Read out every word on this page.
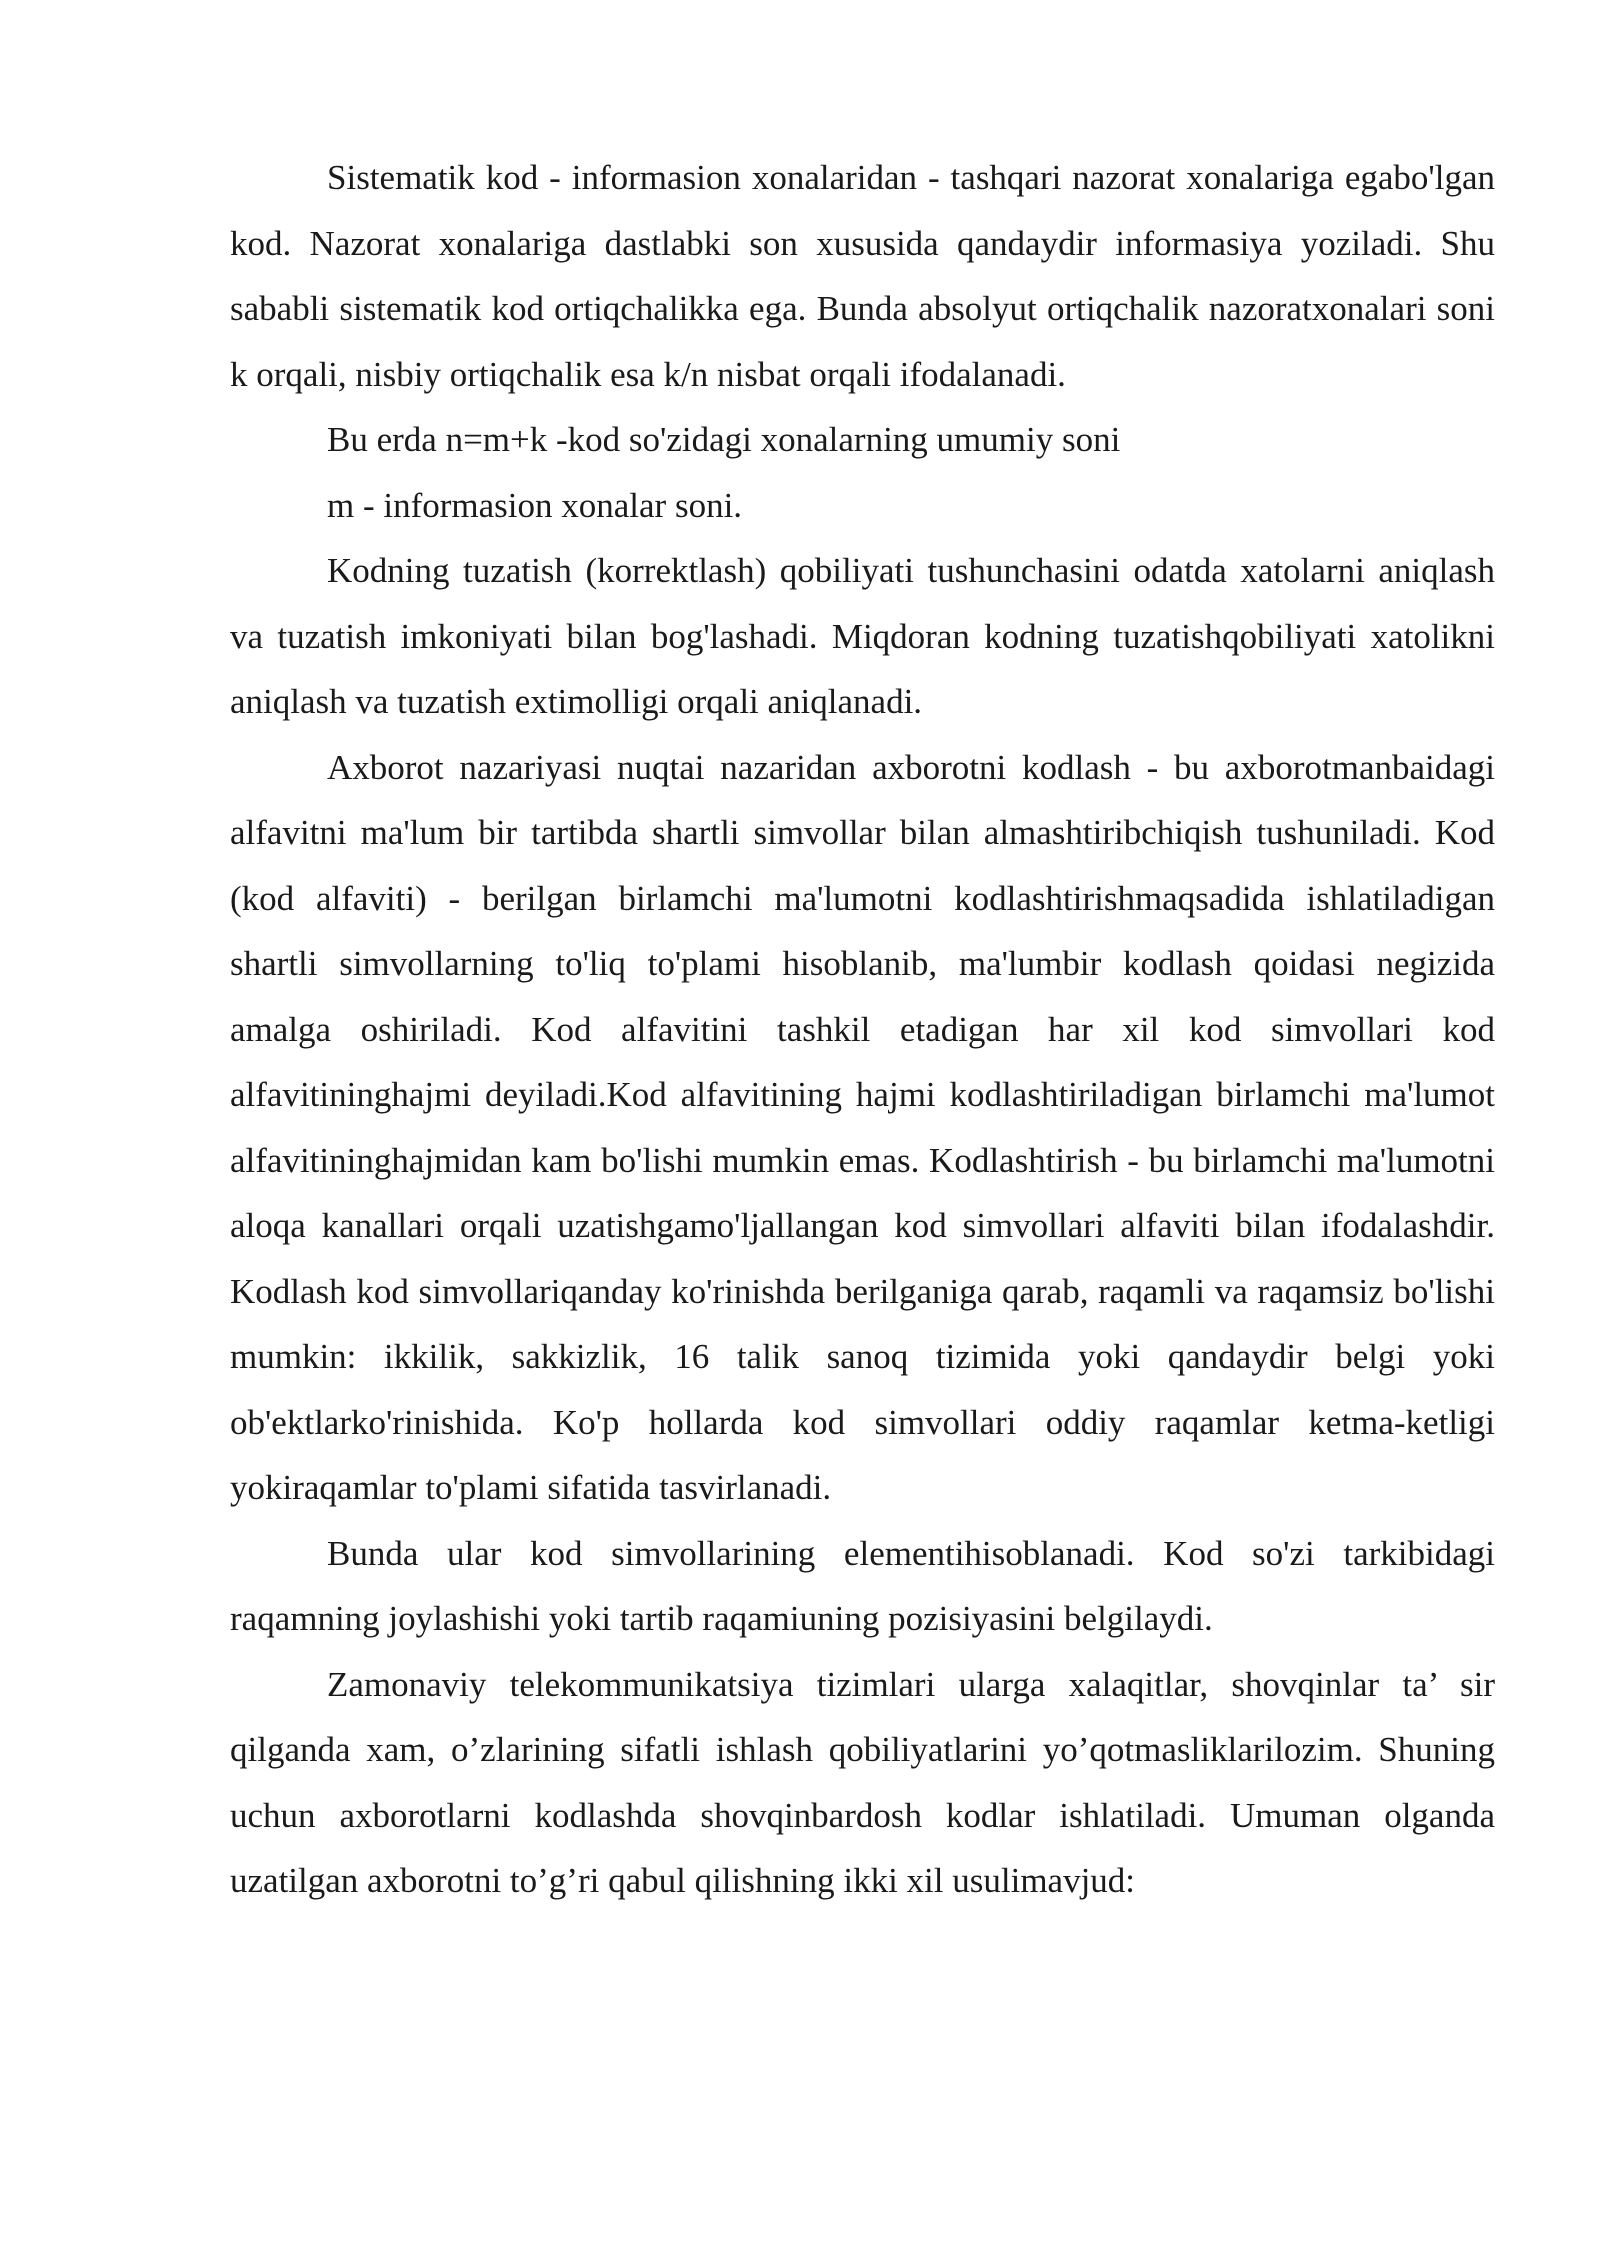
Sistematik kod - informasion xonalaridan - tashqari nazorat xonalariga egabo'lgan kod. Nazorat xonalariga dastlabki son xususida qandaydir informasiya yoziladi. Shu sababli sistematik kod ortiqchalikka ega. Bunda absolyut ortiqchalik nazoratxonalari soni k orqali, nisbiy ortiqchalik esa k/n nisbat orqali ifodalanadi.

Bu erda n=m+k -kod so'zidagi xonalarning umumiy soni

m - informasion xonalar soni.

Kodning tuzatish (korrektlash) qobiliyati tushunchasini odatda xatolarni aniqlash va tuzatish imkoniyati bilan bog'lashadi. Miqdoran kodning tuzatishqobiliyati xatolikni aniqlash va tuzatish extimolligi orqali aniqlanadi.

Axborot nazariyasi nuqtai nazaridan axborotni kodlash - bu axborotmanbaidagi alfavitni ma'lum bir tartibda shartli simvollar bilan almashtiribchiqish tushuniladi. Kod (kod alfaviti) - berilgan birlamchi ma'lumotni kodlashtirishmaqsadida ishlatiladigan shartli simvollarning to'liq to'plami hisoblanib, ma'lumbir kodlash qoidasi negizida amalga oshiriladi. Kod alfavitini tashkil etadigan har xil kod simvollari kod alfavitininghajmi deyiladi.Kod alfavitining hajmi kodlashtiriladigan birlamchi ma'lumot alfavitininghajmidan kam bo'lishi mumkin emas. Kodlashtirish - bu birlamchi ma'lumotni aloqa kanallari orqali uzatishgamo'ljallangan kod simvollari alfaviti bilan ifodalashdir. Kodlash kod simvollariqanday ko'rinishda berilganiga qarab, raqamli va raqamsiz bo'lishi mumkin: ikkilik, sakkizlik, 16 talik sanoq tizimida yoki qandaydir belgi yoki ob'ektlarko'rinishida. Ko'p hollarda kod simvollari oddiy raqamlar ketma-ketligi yokiraqamlar to'plami sifatida tasvirlanadi.

Bunda ular kod simvollarining elementihisoblanadi. Kod so'zi tarkibidagi raqamning joylashishi yoki tartib raqamiuning pozisiyasini belgilaydi.

Zamonaviy telekommunikatsiya tizimlari ularga xalaqitlar, shovqinlar ta’ sir qilganda xam, o’zlarining sifatli ishlash qobiliyatlarini yo’qotmasliklarilozim. Shuning uchun axborotlarni kodlashda shovqinbardosh kodlar ishlatiladi. Umuman olganda uzatilgan axborotni to’g’ri qabul qilishning ikki xil usulimavjud:
